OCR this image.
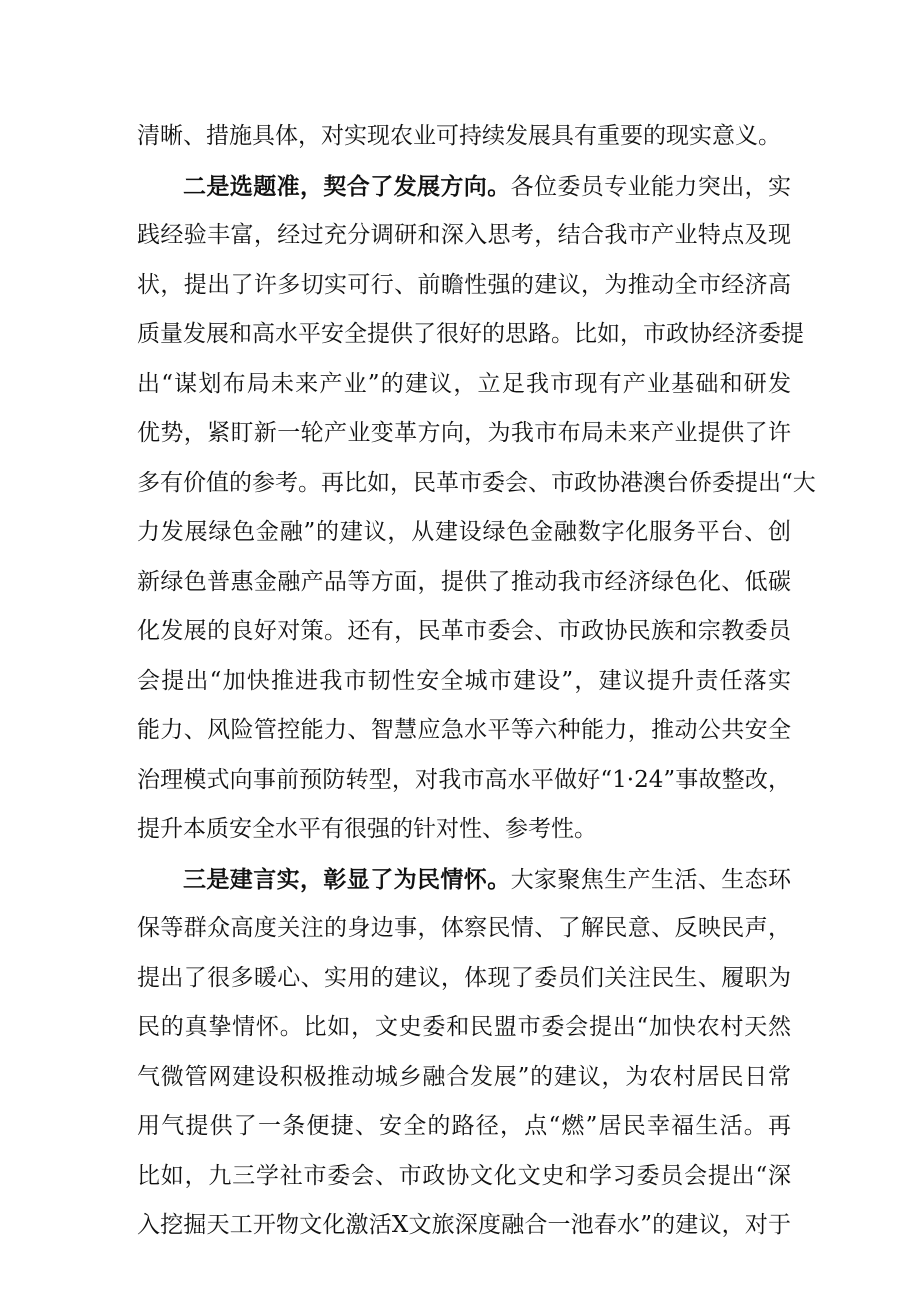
清晰、措施具体，对实现农业可持续发展具有重要的现实意义。
二是选题准，契合了发展方向。各位委员专业能力突出，实
践经验丰富，经过充分调研和深入思考，结合我市产业特点及现
状，提出了许多切实可行、前瞻性强的建议，为推动全市经济高
质量发展和高水平安全提供了很好的思路。比如，市政协经济委提
出“谋划布局未来产业”的建议，立足我市现有产业基础和研发
优势，紧盯新一轮产业变革方向，为我市布局未来产业提供了许
多有价值的参考。再比如，民革市委会、市政协港澳台侨委提出“大
力发展绿色金融”的建议，从建设绿色金融数字化服务平台、创
新绿色普惠金融产品等方面，提供了推动我市经济绿色化、低碳
化发展的良好对策。还有，民革市委会、市政协民族和宗教委员
会提出“加快推进我市韧性安全城市建设”，建议提升责任落实
能力、风险管控能力、智慧应急水平等六种能力，推动公共安全
治理模式向事前预防转型，对我市高水平做好“1·24”事故整改，
提升本质安全水平有很强的针对性、参考性。
三是建言实，彰显了为民情怀。大家聚焦生产生活、生态环
保等群众高度关注的身边事，体察民情、了解民意、反映民声，
提出了很多暖心、实用的建议，体现了委员们关注民生、履职为
民的真挚情怀。比如，文史委和民盟市委会提出“加快农村天然
气微管网建设积极推动城乡融合发展”的建议，为农村居民日常
用气提供了一条便捷、安全的路径，点“燃”居民幸福生活。再
比如，九三学社市委会、市政协文化文史和学习委员会提出“深
入挖掘天工开物文化激活X文旅深度融合一池春水”的建议，对于
